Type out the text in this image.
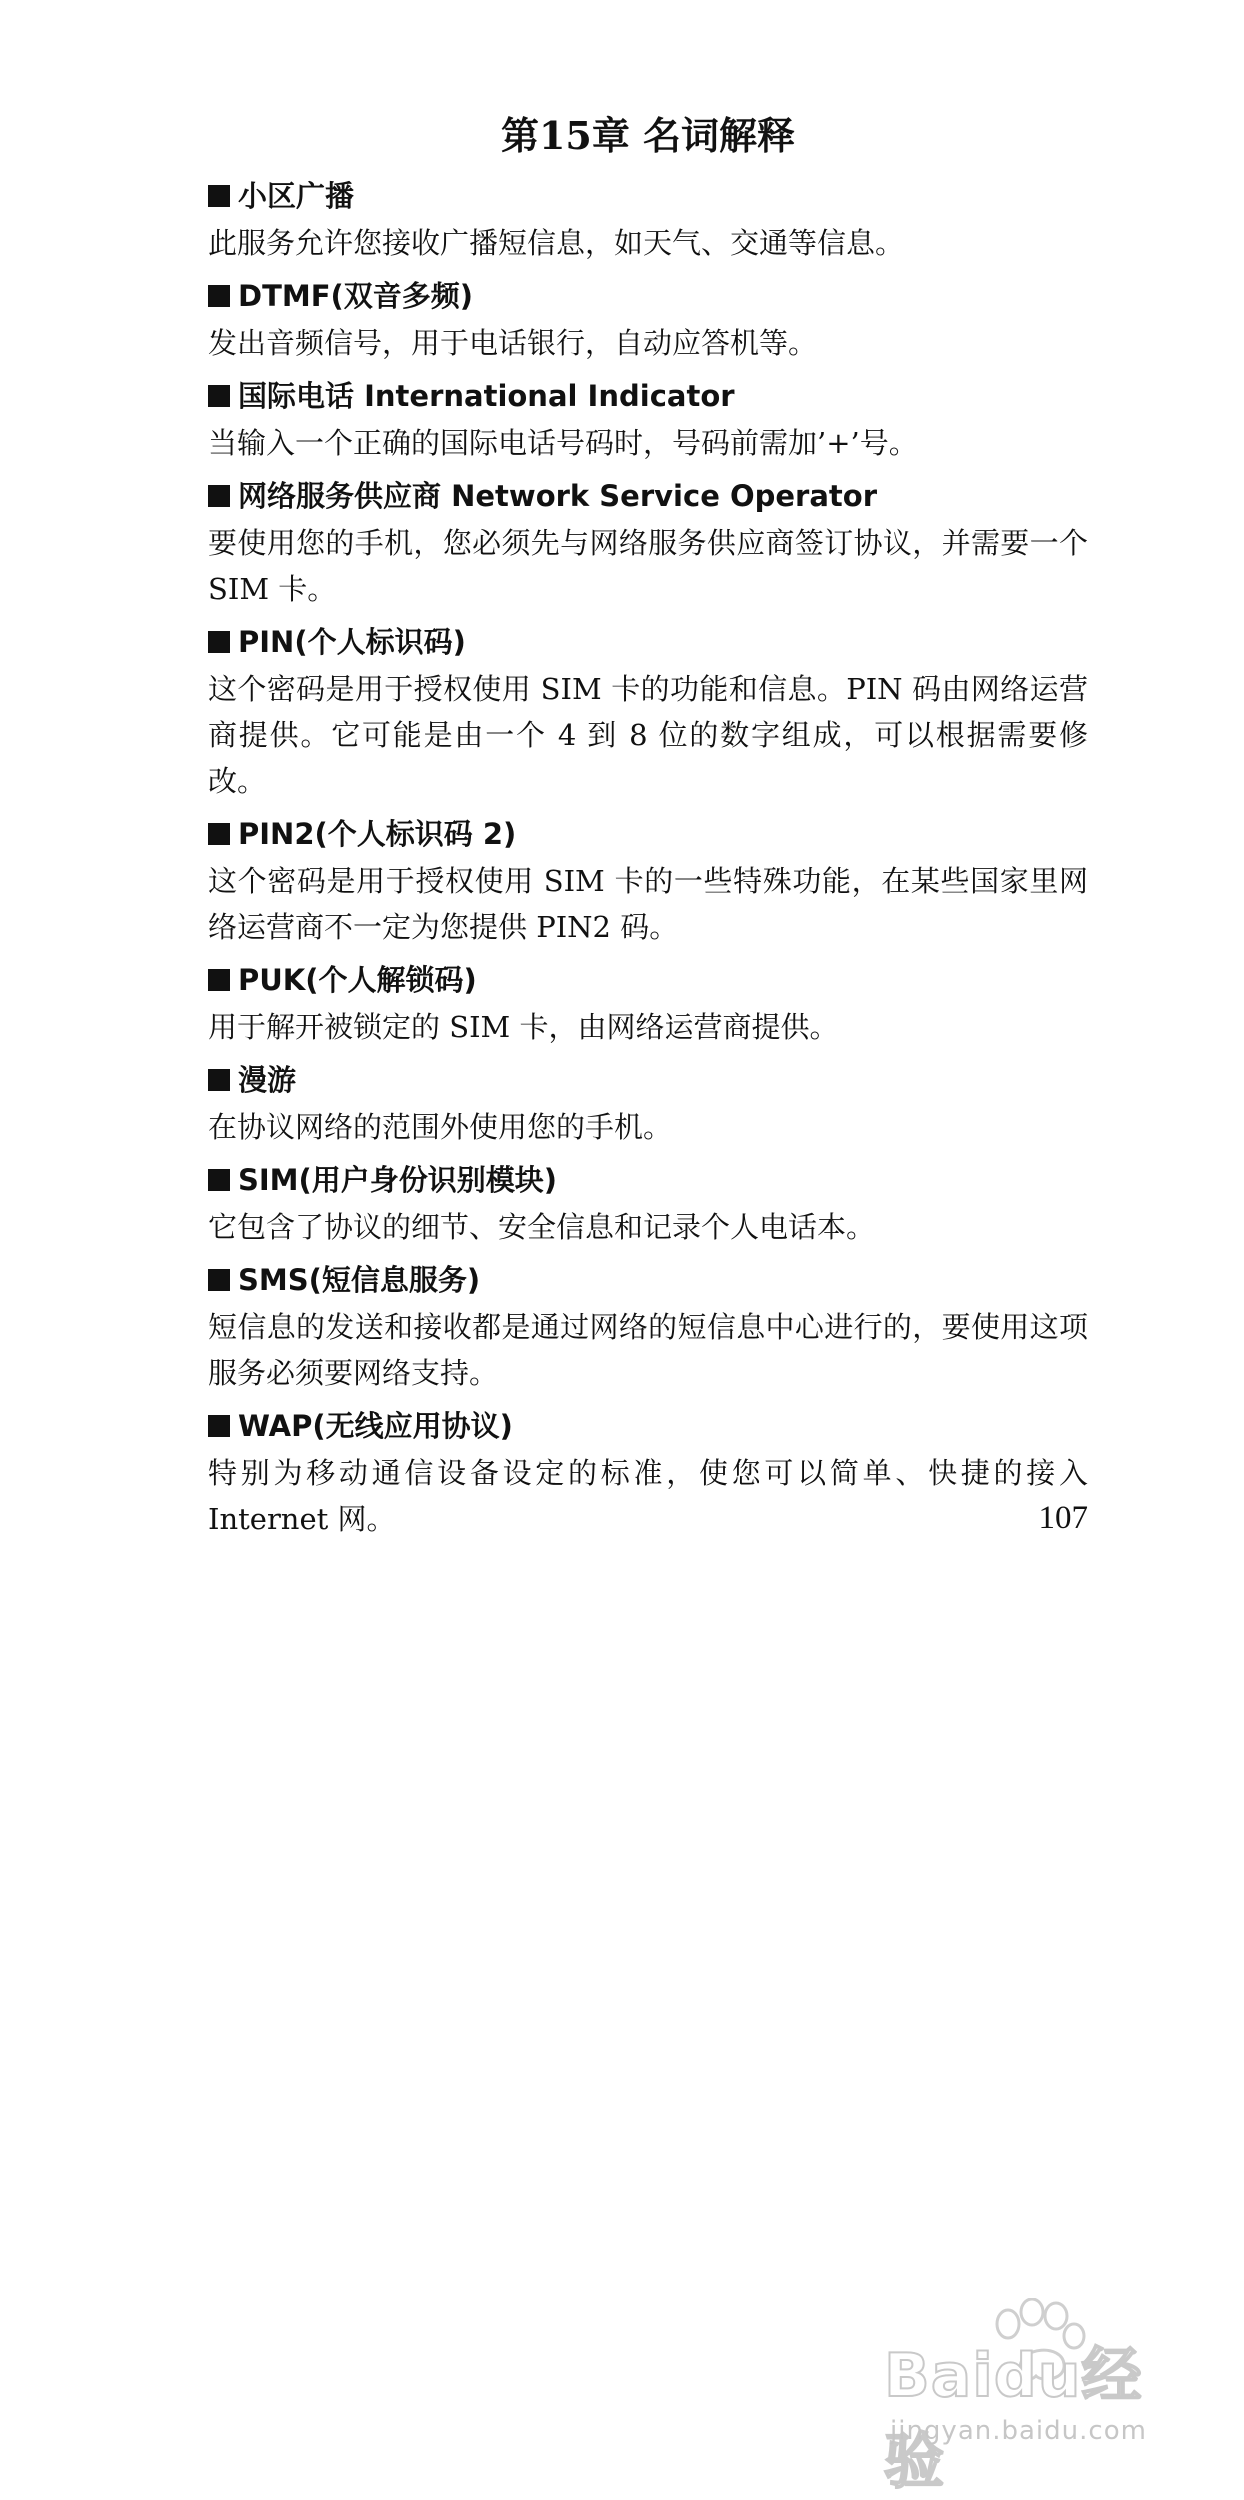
第15章 名词解释

小区广播

此服务允许您接收广播短信息，如天气、交通等信息。

DTMF(双音多频)

发出音频信号，用于电话银行，自动应答机等。

国际电话 International Indicator

当输入一个正确的国际电话号码时，号码前需加’+’号。

网络服务供应商 Network Service Operator

要使用您的手机，您必须先与网络服务供应商签订协议，并需要一个 SIM 卡。

PIN(个人标识码)

这个密码是用于授权使用 SIM 卡的功能和信息。PIN 码由网络运营商提供。它可能是由一个 4 到 8 位的数字组成，可以根据需要修改。

PIN2(个人标识码 2)

这个密码是用于授权使用 SIM 卡的一些特殊功能，在某些国家里网络运营商不一定为您提供 PIN2 码。

PUK(个人解锁码)

用于解开被锁定的 SIM 卡，由网络运营商提供。

漫游

在协议网络的范围外使用您的手机。

SIM(用户身份识别模块)

它包含了协议的细节、安全信息和记录个人电话本。

SMS(短信息服务)

短信息的发送和接收都是通过网络的短信息中心进行的，要使用这项服务必须要网络支持。

WAP(无线应用协议)

特别为移动通信设备设定的标准，使您可以简单、快捷的接入 Internet 网。	107
Baidu经验
jingyan.baidu.com
